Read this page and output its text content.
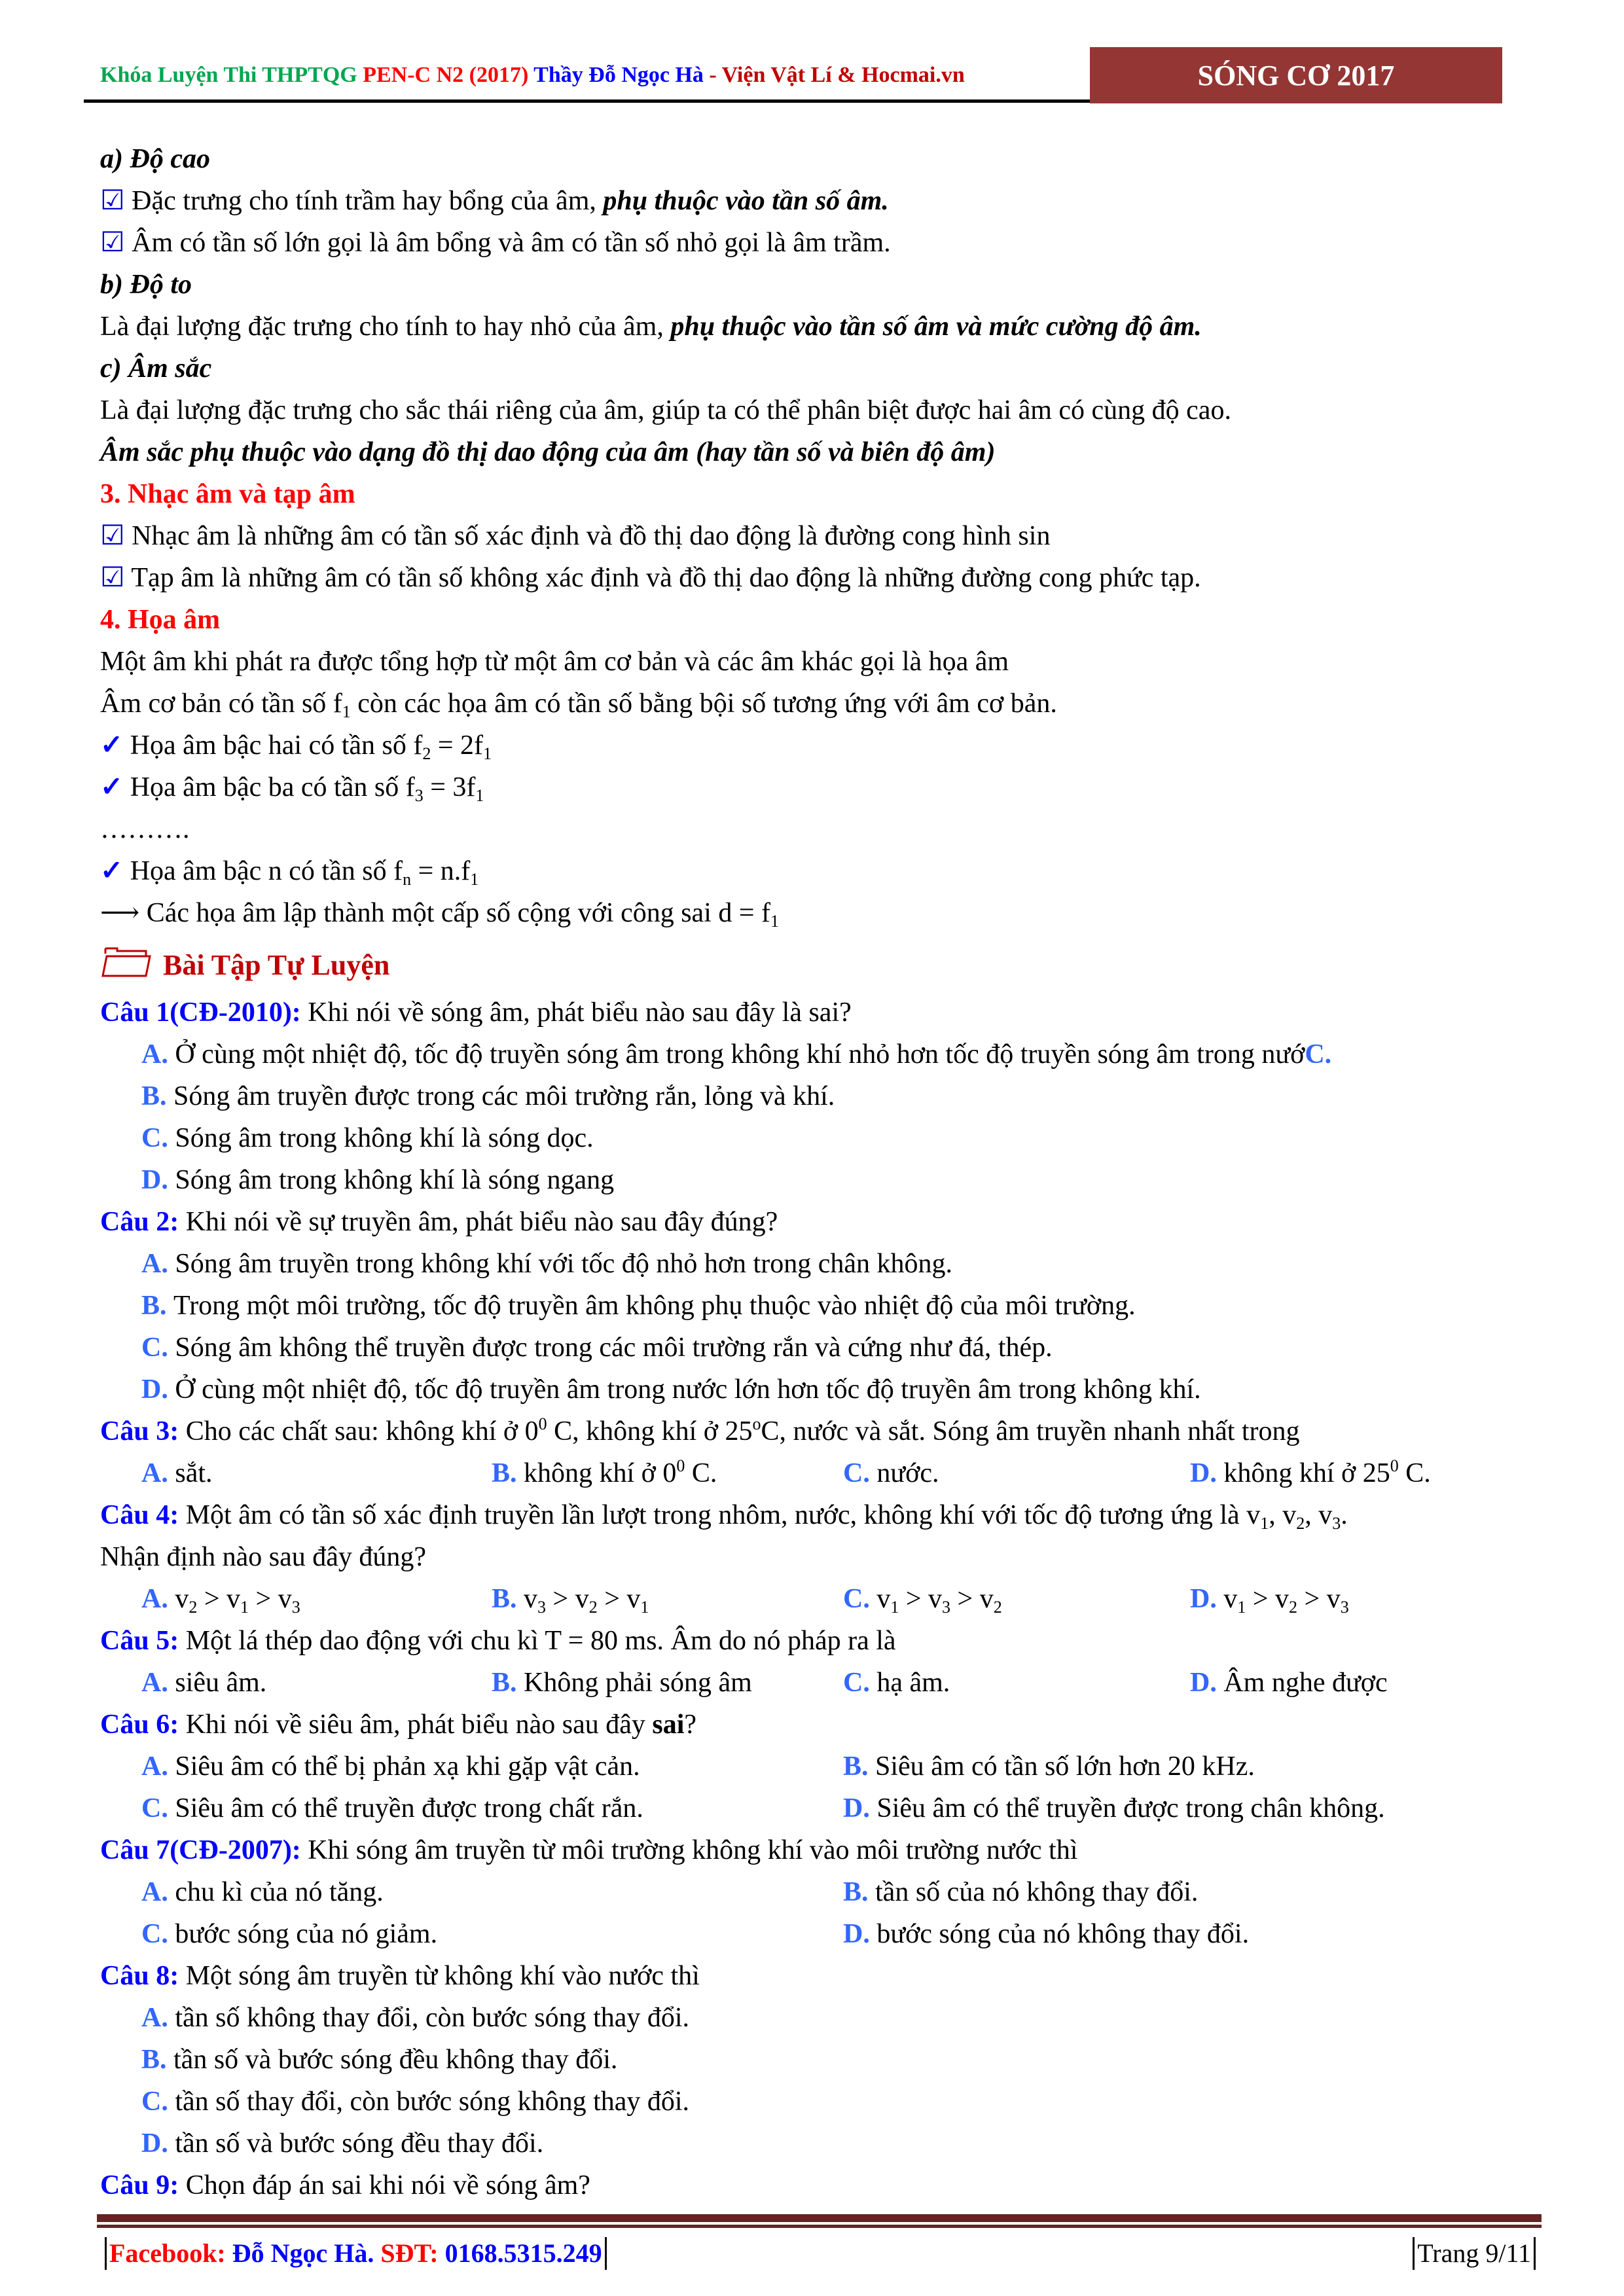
Khóa Luyện Thi THPTQG PEN-C N2 (2017) Thầy Đỗ Ngọc Hà - Viện Vật Lí & Hocmai.vn	SÓNG CƠ 2017
a) Độ cao
☑ Đặc trưng cho tính trầm hay bổng của âm, phụ thuộc vào tần số âm.
☑ Âm có tần số lớn gọi là âm bổng và âm có tần số nhỏ gọi là âm trầm.
b) Độ to
Là đại lượng đặc trưng cho tính to hay nhỏ của âm, phụ thuộc vào tần số âm và mức cường độ âm.
c) Âm sắc
Là đại lượng đặc trưng cho sắc thái riêng của âm, giúp ta có thể phân biệt được hai âm có cùng độ cao.
Âm sắc phụ thuộc vào dạng đồ thị dao động của âm (hay tần số và biên độ âm)
3. Nhạc âm và tạp âm
☑ Nhạc âm là những âm có tần số xác định và đồ thị dao động là đường cong hình sin
☑ Tạp âm là những âm có tần số không xác định và đồ thị dao động là những đường cong phức tạp.
4. Họa âm
Một âm khi phát ra được tổng hợp từ một âm cơ bản và các âm khác gọi là họa âm
Âm cơ bản có tần số f1 còn các họa âm có tần số bằng bội số tương ứng với âm cơ bản.
✓ Họa âm bậc hai có tần số f2 = 2f1
✓ Họa âm bậc ba có tần số f3 = 3f1
……….
✓ Họa âm bậc n có tần số fn = n.f1
⟶ Các họa âm lập thành một cấp số cộng với công sai d = f1
Bài Tập Tự Luyện
Câu 1(CĐ-2010): Khi nói về sóng âm, phát biểu nào sau đây là sai?
A. Ở cùng một nhiệt độ, tốc độ truyền sóng âm trong không khí nhỏ hơn tốc độ truyền sóng âm trong nướC.
B. Sóng âm truyền được trong các môi trường rắn, lỏng và khí.
C. Sóng âm trong không khí là sóng dọc.
D. Sóng âm trong không khí là sóng ngang
Câu 2: Khi nói về sự truyền âm, phát biểu nào sau đây đúng?
A. Sóng âm truyền trong không khí với tốc độ nhỏ hơn trong chân không.
B. Trong một môi trường, tốc độ truyền âm không phụ thuộc vào nhiệt độ của môi trường.
C. Sóng âm không thể truyền được trong các môi trường rắn và cứng như đá, thép.
D. Ở cùng một nhiệt độ, tốc độ truyền âm trong nước lớn hơn tốc độ truyền âm trong không khí.
Câu 3: Cho các chất sau: không khí ở $0^0$ C, không khí ở 25$^o$C, nước và sắt. Sóng âm truyền nhanh nhất trong
A. sắt.	B. không khí ở $0^0$ C.	C. nước.	D. không khí ở $25^0$ C.
Câu 4: Một âm có tần số xác định truyền lần lượt trong nhôm, nước, không khí với tốc độ tương ứng là v1, v2, v3.
Nhận định nào sau đây đúng?
A. v2 > v1 > v3	B. v3 > v2 > v1	C. v1 > v3 > v2	D. v1 > v2 > v3
Câu 5: Một lá thép dao động với chu kì T = 80 ms. Âm do nó pháp ra là
A. siêu âm.	B. Không phải sóng âm	C. hạ âm.	D. Âm nghe được
Câu 6: Khi nói về siêu âm, phát biểu nào sau đây sai?
A. Siêu âm có thể bị phản xạ khi gặp vật cản.	B. Siêu âm có tần số lớn hơn 20 kHz.
C. Siêu âm có thể truyền được trong chất rắn.	D. Siêu âm có thể truyền được trong chân không.
Câu 7(CĐ-2007): Khi sóng âm truyền từ môi trường không khí vào môi trường nước thì
A. chu kì của nó tăng.	B. tần số của nó không thay đổi.
C. bước sóng của nó giảm.	D. bước sóng của nó không thay đổi.
Câu 8: Một sóng âm truyền từ không khí vào nước thì
A. tần số không thay đổi, còn bước sóng thay đổi.
B. tần số và bước sóng đều không thay đổi.
C. tần số thay đổi, còn bước sóng không thay đổi.
D. tần số và bước sóng đều thay đổi.
Câu 9: Chọn đáp án sai khi nói về sóng âm?
Facebook: Đỗ Ngọc Hà. SĐT: 0168.5315.249	Trang 9/11
